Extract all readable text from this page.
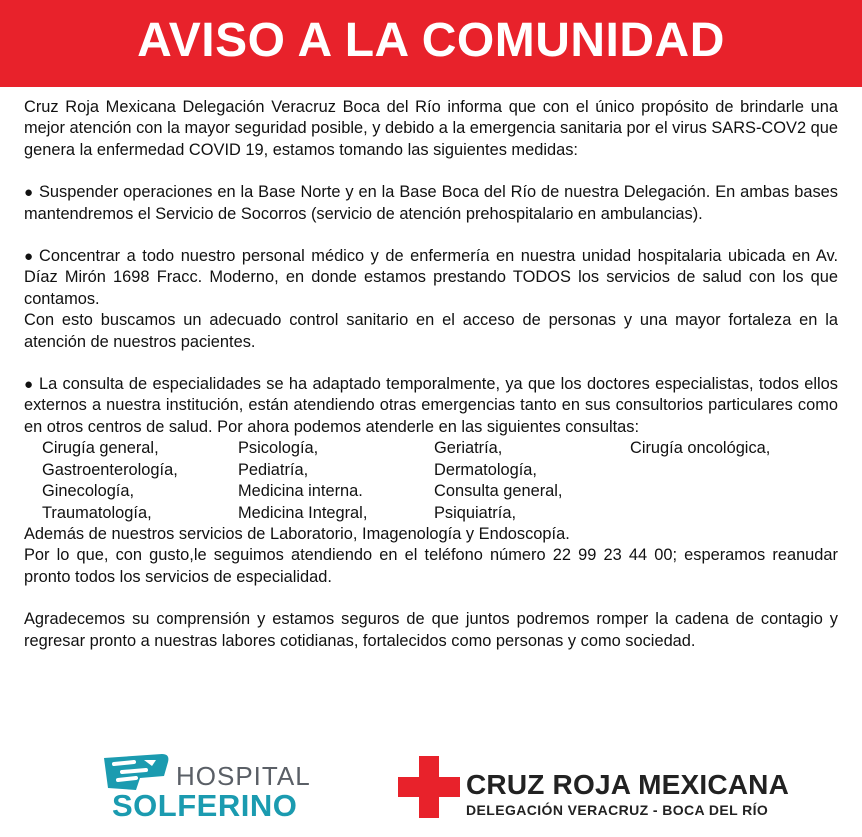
AVISO A LA COMUNIDAD

Cruz Roja Mexicana Delegación Veracruz Boca del Río informa que con el único propósito de brindarle una mejor atención con la mayor seguridad posible, y debido a la emergencia sanitaria por el virus SARS-COV2 que genera la enfermedad COVID 19, estamos tomando las siguientes medidas:

● Suspender operaciones en la Base Norte y en la Base Boca del Río de nuestra Delegación. En ambas bases mantendremos el Servicio de Socorros (servicio de atención prehospitalario en ambulancias).

● Concentrar a todo nuestro personal médico y de enfermería en nuestra unidad hospitalaria ubicada en Av. Díaz Mirón 1698 Fracc. Moderno, en donde estamos prestando TODOS los servicios de salud con los que contamos.

Con esto buscamos un adecuado control sanitario en el acceso de personas y una mayor fortaleza en la atención de nuestros pacientes.

● La consulta de especialidades se ha adaptado temporalmente, ya que los doctores especialistas, todos ellos externos a nuestra institución, están atendiendo otras emergencias tanto en sus consultorios particulares como en otros centros de salud. Por ahora podemos atenderle en las siguientes consultas:

Cirugía general,	Psicología,	Geriatría,	Cirugía oncológica,
Gastroenterología,	Pediatría,	Dermatología,
Ginecología,	Medicina interna.	Consulta general,
Traumatología,	Medicina Integral,	Psiquiatría,

Además de nuestros servicios de Laboratorio, Imagenología y Endoscopía.

Por lo que, con gusto,le seguimos atendiendo en el teléfono número 22 99 23 44 00; esperamos reanudar pronto todos los servicios de especialidad.

Agradecemos su comprensión y estamos seguros de que juntos podremos romper la cadena de contagio y regresar pronto a nuestras labores cotidianas, fortalecidos como personas y como sociedad.

HOSPITAL
SOLFERINO
CRUZ ROJA MEXICANA
DELEGACIÓN VERACRUZ - BOCA DEL RÍO
